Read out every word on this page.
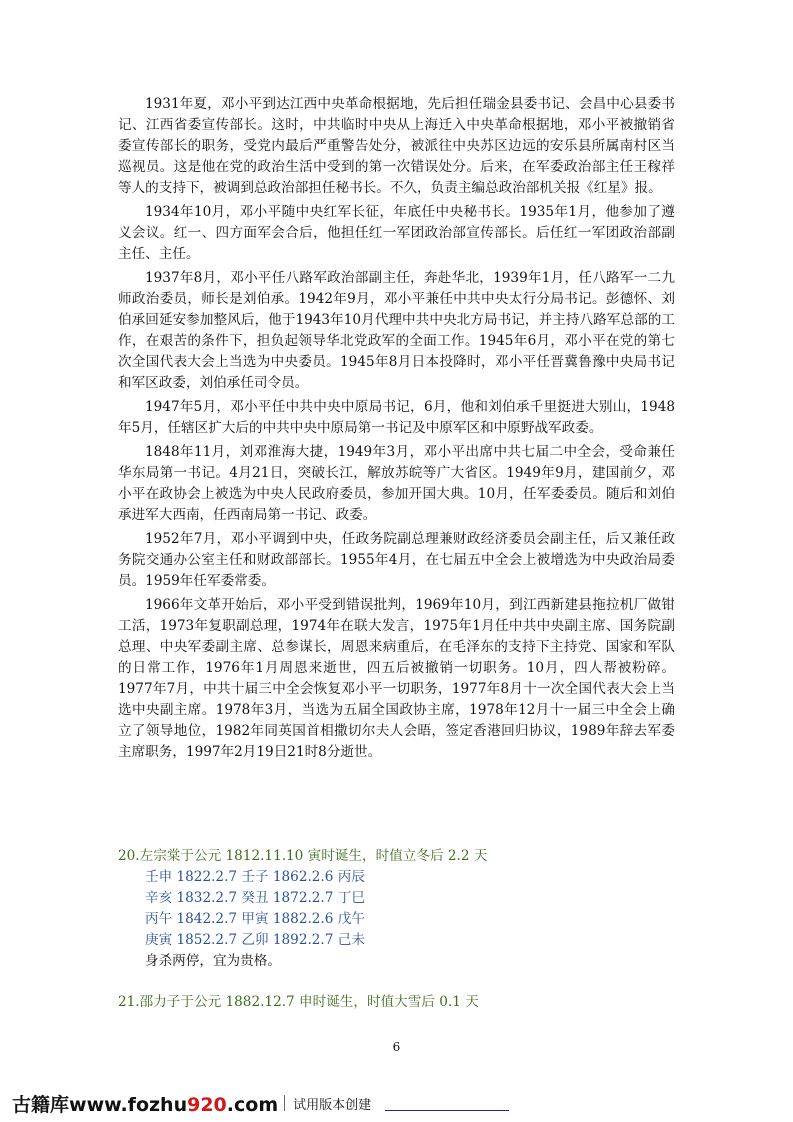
1931年夏，邓小平到达江西中央革命根据地，先后担任瑞金县委书记、会昌中心县委书记、江西省委宣传部长。这时，中共临时中央从上海迁入中央革命根据地，邓小平被撤销省委宣传部长的职务，受党内最后严重警告处分，被派往中央苏区边远的安乐县所属南村区当巡视员。这是他在党的政治生活中受到的第一次错误处分。后来，在军委政治部主任王稼祥等人的支持下，被调到总政治部担任秘书长。不久，负责主编总政治部机关报《红星》报。

1934年10月，邓小平随中央红军长征，年底任中央秘书长。1935年1月，他参加了遵义会议。红一、四方面军会合后，他担任红一军团政治部宣传部长。后任红一军团政治部副主任、主任。

1937年8月，邓小平任八路军政治部副主任，奔赴华北，1939年1月，任八路军一二九师政治委员，师长是刘伯承。1942年9月，邓小平兼任中共中央太行分局书记。彭德怀、刘伯承回延安参加整风后，他于1943年10月代理中共中央北方局书记，并主持八路军总部的工作，在艰苦的条件下，担负起领导华北党政军的全面工作。1945年6月，邓小平在党的第七次全国代表大会上当选为中央委员。1945年8月日本投降时，邓小平任晋冀鲁豫中央局书记和军区政委，刘伯承任司令员。

1947年5月，邓小平任中共中央中原局书记，6月，他和刘伯承千里挺进大别山，1948年5月，任辖区扩大后的中共中央中原局第一书记及中原军区和中原野战军政委。

1848年11月，刘邓淮海大捷，1949年3月，邓小平出席中共七届二中全会，受命兼任华东局第一书记。4月21日，突破长江，解放苏皖等广大省区。1949年9月，建国前夕，邓小平在政协会上被选为中央人民政府委员，参加开国大典。10月，任军委委员。随后和刘伯承进军大西南，任西南局第一书记、政委。

1952年7月，邓小平调到中央，任政务院副总理兼财政经济委员会副主任，后又兼任政务院交通办公室主任和财政部部长。1955年4月，在七届五中全会上被增选为中央政治局委员。1959年任军委常委。

1966年文革开始后，邓小平受到错误批判，1969年10月，到江西新建县拖拉机厂做钳工活，1973年复职副总理，1974年在联大发言，1975年1月任中共中央副主席、国务院副总理、中央军委副主席、总参谋长，周恩来病重后，在毛泽东的支持下主持党、国家和军队的日常工作，1976年1月周恩来逝世，四五后被撤销一切职务。10月，四人帮被粉碎。1977年7月，中共十届三中全会恢复邓小平一切职务，1977年8月十一次全国代表大会上当选中央副主席。1978年3月，当选为五届全国政协主席，1978年12月十一届三中全会上确立了领导地位，1982年同英国首相撒切尔夫人会晤，签定香港回归协议，1989年辞去军委主席职务，1997年2月19日21时8分逝世。

20.左宗棠于公元 1812.11.10 寅时诞生，时值立冬后 2.2 天

壬申 1822.2.7 壬子 1862.2.6 丙辰

辛亥 1832.2.7 癸丑 1872.2.7 丁巳

丙午 1842.2.7 甲寅 1882.2.6 戊午

庚寅 1852.2.7 乙卯 1892.2.7 己未

身杀两停，宜为贵格。

21.邵力子于公元 1882.12.7 申时诞生，时值大雪后 0.1 天

6
古籍库www.fozhu920.com 试用版本创建
